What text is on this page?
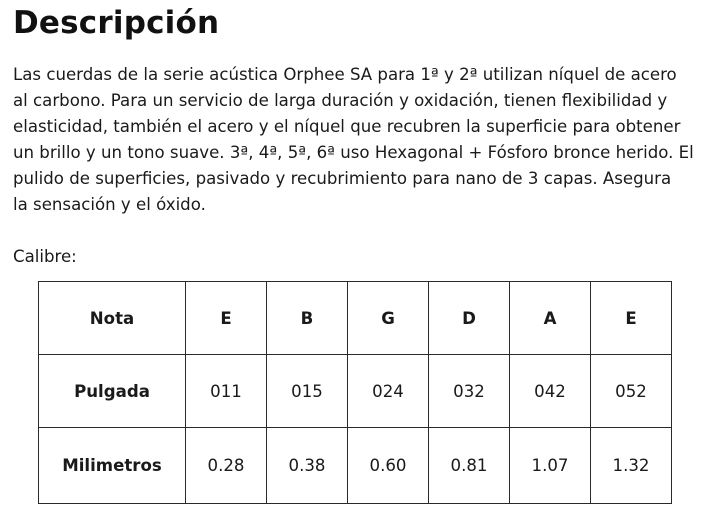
Descripción

Las cuerdas de la serie acústica Orphee SA para 1ª y 2ª utilizan níquel de acero
al carbono. Para un servicio de larga duración y oxidación, tienen flexibilidad y
elasticidad, también el acero y el níquel que recubren la superficie para obtener
un brillo y un tono suave. 3ª, 4ª, 5ª, 6ª uso Hexagonal + Fósforo bronce herido. El
pulido de superficies, pasivado y recubrimiento para nano de 3 capas. Asegura
la sensación y el óxido.

Calibre:
Nota	E	B	G	D	A	E
Pulgada	011	015	024	032	042	052
Milimetros	0.28	0.38	0.60	0.81	1.07	1.32
